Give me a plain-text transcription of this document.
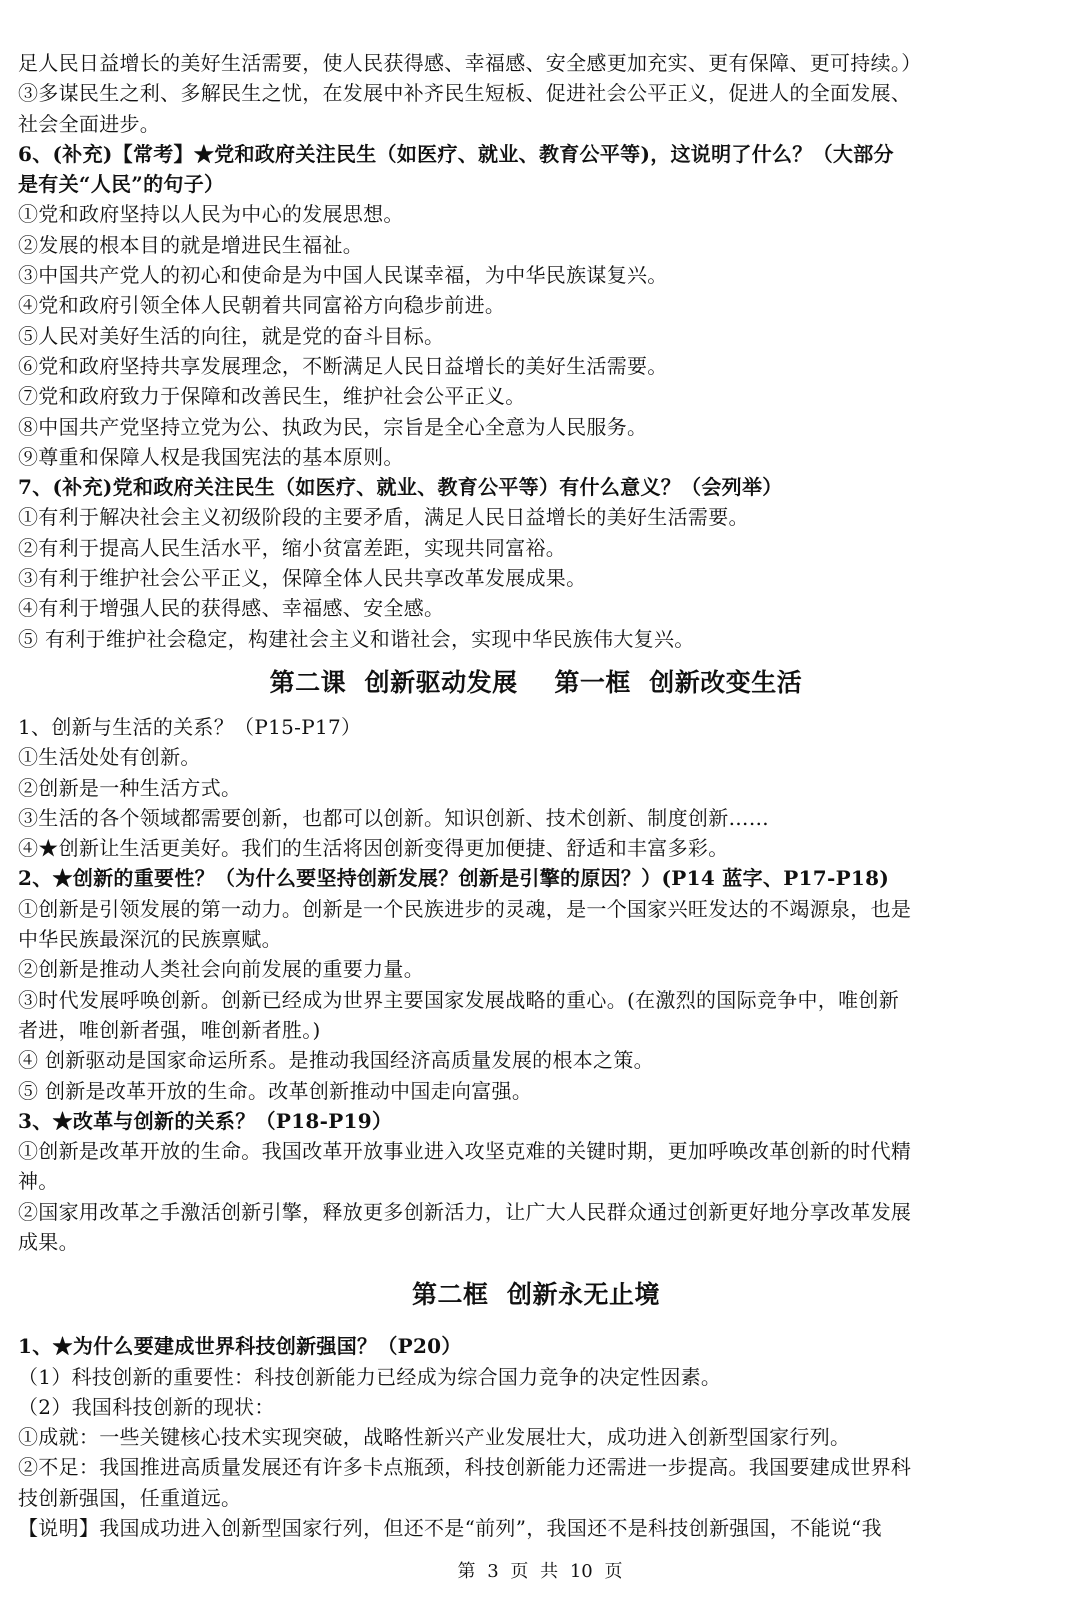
足人民日益增长的美好生活需要，使人民获得感、幸福感、安全感更加充实、更有保障、更可持续。）
③多谋民生之利、多解民生之忧，在发展中补齐民生短板、促进社会公平正义，促进人的全面发展、
社会全面进步。
6、(补充)【常考】★党和政府关注民生（如医疗、就业、教育公平等)，这说明了什么？（大部分
是有关“人民”的句子）
①党和政府坚持以人民为中心的发展思想。
②发展的根本目的就是增进民生福祉。
③中国共产党人的初心和使命是为中国人民谋幸福，为中华民族谋复兴。
④党和政府引领全体人民朝着共同富裕方向稳步前进。
⑤人民对美好生活的向往，就是党的奋斗目标。
⑥党和政府坚持共享发展理念，不断满足人民日益增长的美好生活需要。
⑦党和政府致力于保障和改善民生，维护社会公平正义。
⑧中国共产党坚持立党为公、执政为民，宗旨是全心全意为人民服务。
⑨尊重和保障人权是我国宪法的基本原则。
7、(补充)党和政府关注民生（如医疗、就业、教育公平等）有什么意义？（会列举）
①有利于解决社会主义初级阶段的主要矛盾，满足人民日益增长的美好生活需要。
②有利于提高人民生活水平，缩小贫富差距，实现共同富裕。
③有利于维护社会公平正义，保障全体人民共享改革发展成果。
④有利于增强人民的获得感、幸福感、安全感。
⑤ 有利于维护社会稳定，构建社会主义和谐社会，实现中华民族伟大复兴。
第二课  创新驱动发展    第一框  创新改变生活
1、创新与生活的关系？（P15-P17）
①生活处处有创新。
②创新是一种生活方式。
③生活的各个领域都需要创新，也都可以创新。知识创新、技术创新、制度创新……
④★创新让生活更美好。我们的生活将因创新变得更加便捷、舒适和丰富多彩。
2、★创新的重要性？（为什么要坚持创新发展？创新是引擎的原因？）(P14 蓝字、P17-P18)
①创新是引领发展的第一动力。创新是一个民族进步的灵魂，是一个国家兴旺发达的不竭源泉，也是
中华民族最深沉的民族禀赋。
②创新是推动人类社会向前发展的重要力量。
③时代发展呼唤创新。创新已经成为世界主要国家发展战略的重心。(在激烈的国际竞争中，唯创新
者进，唯创新者强，唯创新者胜。)
④ 创新驱动是国家命运所系。是推动我国经济高质量发展的根本之策。
⑤ 创新是改革开放的生命。改革创新推动中国走向富强。
3、★改革与创新的关系？（P18-P19）
①创新是改革开放的生命。我国改革开放事业进入攻坚克难的关键时期，更加呼唤改革创新的时代精
神。
②国家用改革之手激活创新引擎，释放更多创新活力，让广大人民群众通过创新更好地分享改革发展
成果。
第二框  创新永无止境
1、★为什么要建成世界科技创新强国？（P20）
（1）科技创新的重要性：科技创新能力已经成为综合国力竞争的决定性因素。
（2）我国科技创新的现状：
①成就：一些关键核心技术实现突破，战略性新兴产业发展壮大，成功进入创新型国家行列。
②不足：我国推进高质量发展还有许多卡点瓶颈，科技创新能力还需进一步提高。我国要建成世界科
技创新强国，任重道远。
【说明】我国成功进入创新型国家行列，但还不是“前列”，我国还不是科技创新强国，不能说“我
第 3 页 共 10 页
